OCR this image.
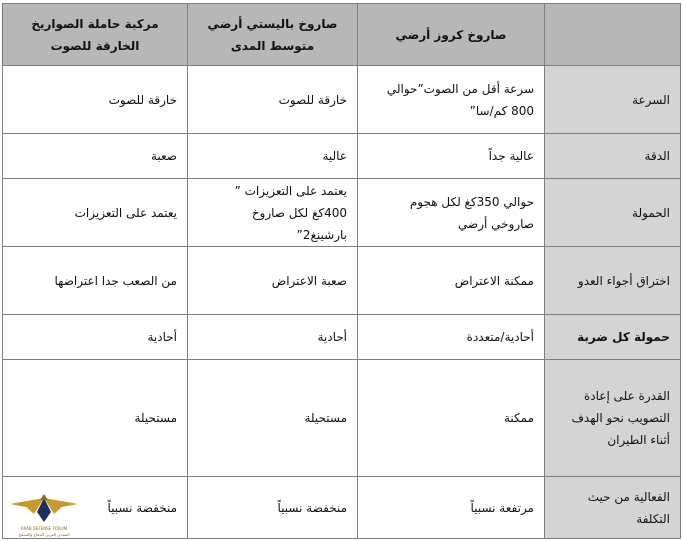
	صاروخ كروز أرضي	صاروخ باليستي أرضي متوسط المدى	مركبة حاملة الصواريخ الخارقة للصوت
السرعة	سرعة أقل من الصوت”حوالي 800 كم/سا”	خارقة للصوت	خارقة للصوت
الدقة	عالية جداً	عالية	صعبة
الحمولة	حوالي 350كغ لكل هجوم صاروخي أرضي	يعتمد على التعزيزات ” 400كغ لكل صاروخ بارشينغ2”	يعتمد على التعزيزات
اختراق أجواء العدو	ممكنة الاعتراض	صعبة الاعتراض	من الصعب جدا اعتراضها
حمولة كل ضربة	أحادية/متعددة	أحادية	أحادية
القدرة على إعادة التصويب نحو الهدف أثناء الطيران	ممكنة	مستحيلة	مستحيلة
الفعالية من حيث التكلفة	مرتفعة نسبياً	منخفضة نسبياً	منخفضة نسبياً
ARAB DEFENSE FORUM
المنتدى العربي للدفاع والتسليح
